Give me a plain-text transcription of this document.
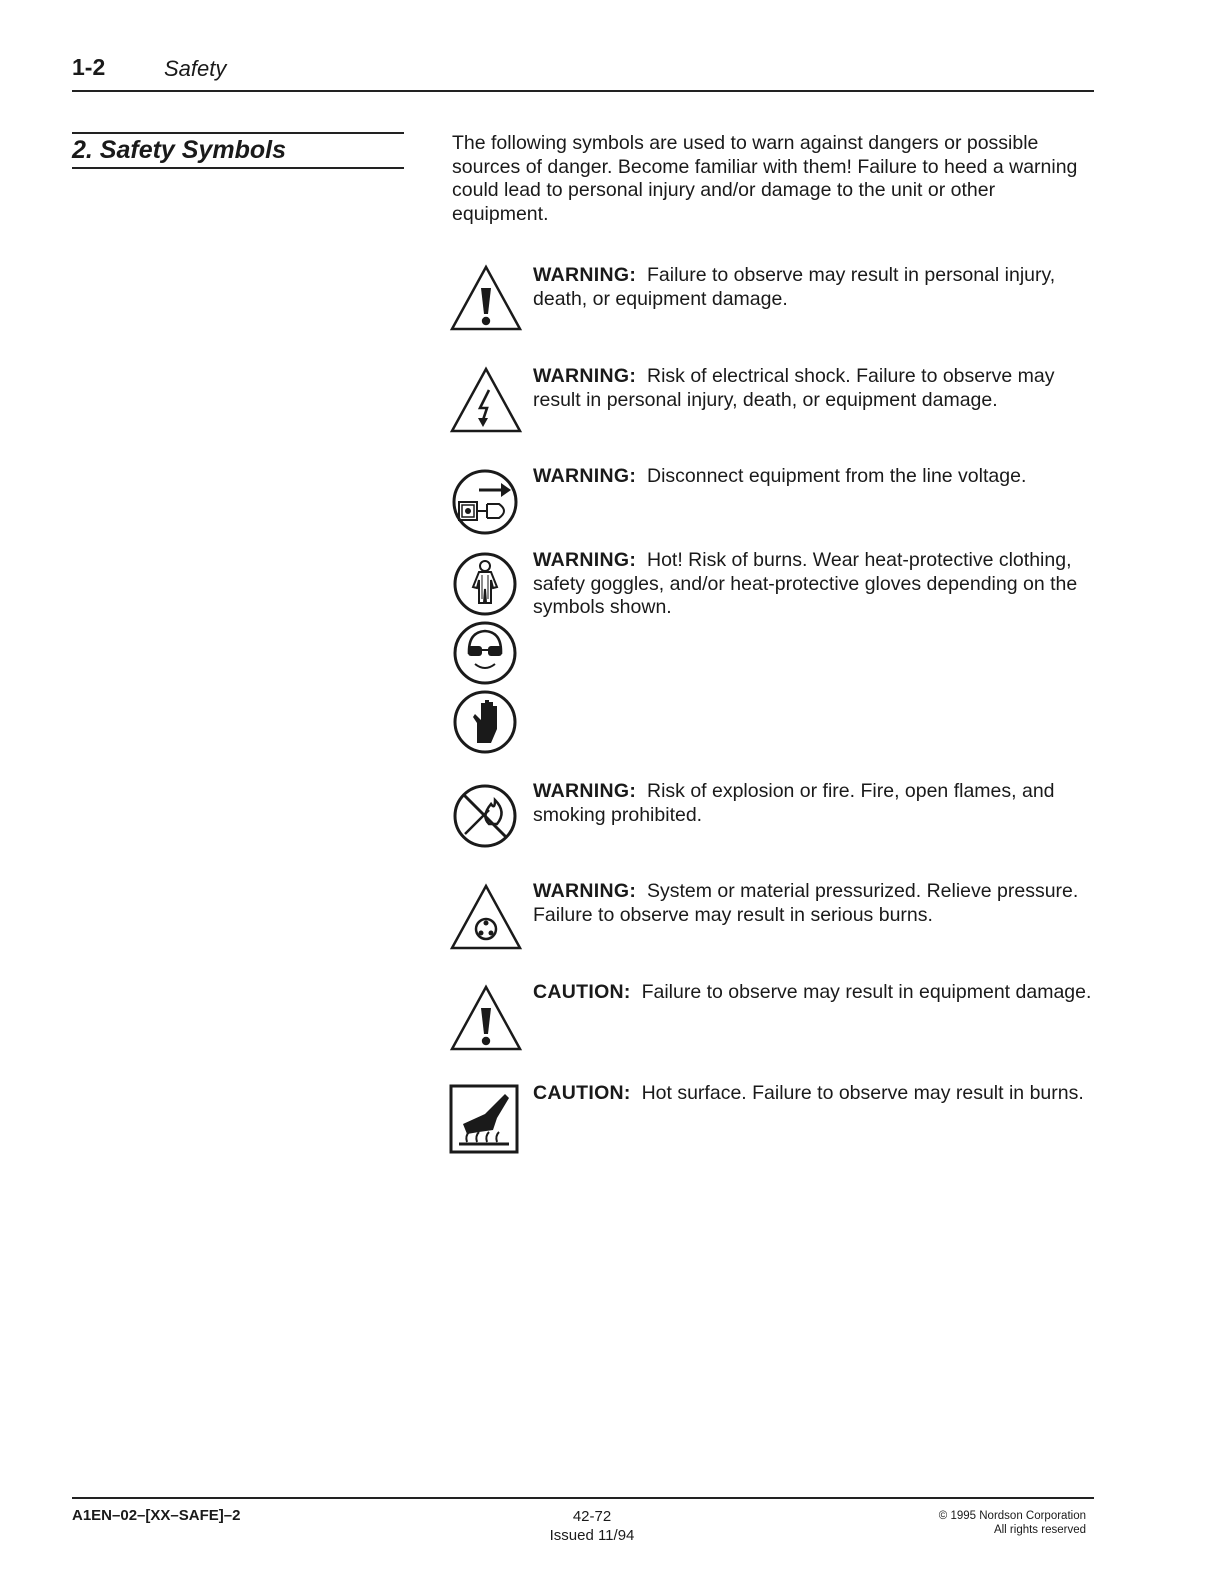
1-2	Safety
2. Safety Symbols	The following symbols are used to warn against dangers or possible sources of danger. Become familiar with them! Failure to heed a warning could lead to personal injury and/or damage to the unit or other equipment.
WARNING: Failure to observe may result in personal injury, death, or equipment damage.
WARNING: Risk of electrical shock. Failure to observe may result in personal injury, death, or equipment damage.
WARNING: Disconnect equipment from the line voltage.
WARNING: Hot! Risk of burns. Wear heat-protective clothing, safety goggles, and/or heat-protective gloves depending on the symbols shown.
WARNING: Risk of explosion or fire. Fire, open flames, and smoking prohibited.
WARNING: System or material pressurized. Relieve pressure. Failure to observe may result in serious burns.
CAUTION: Failure to observe may result in equipment damage.
CAUTION: Hot surface. Failure to observe may result in burns.
A1EN–02–[XX–SAFE]–2	42-72
Issued 11/94
© 1995 Nordson Corporation
All rights reserved
